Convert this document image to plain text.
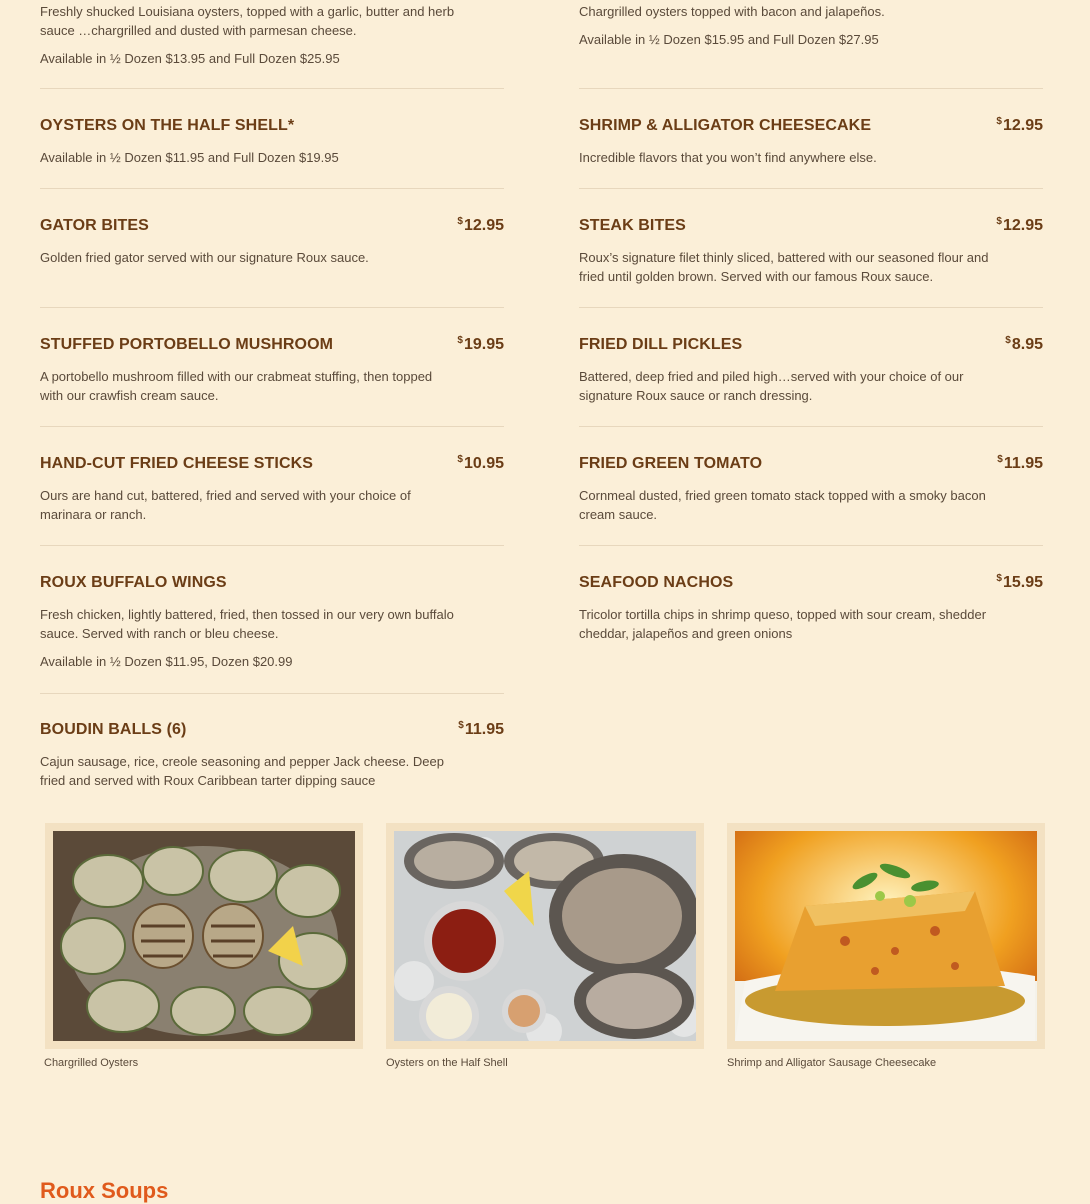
Freshly shucked Louisiana oysters, topped with a garlic, butter and herb sauce …chargrilled and dusted with parmesan cheese.
Available in ½ Dozen $13.95 and Full Dozen $25.95
OYSTERS ON THE HALF SHELL*
Available in ½ Dozen $11.95 and Full Dozen $19.95
GATOR BITES	$12.95
Golden fried gator served with our signature Roux sauce.
STUFFED PORTOBELLO MUSHROOM	$19.95
A portobello mushroom filled with our crabmeat stuffing, then topped with our crawfish cream sauce.
HAND-CUT FRIED CHEESE STICKS	$10.95
Ours are hand cut, battered, fried and served with your choice of marinara or ranch.
ROUX BUFFALO WINGS
Fresh chicken, lightly battered, fried, then tossed in our very own buffalo sauce. Served with ranch or bleu cheese.
Available in ½ Dozen $11.95, Dozen $20.99
BOUDIN BALLS (6)	$11.95
Cajun sausage, rice, creole seasoning and pepper Jack cheese. Deep fried and served with Roux Caribbean tarter dipping sauce
Chargrilled oysters topped with bacon and jalapeños.
Available in ½ Dozen $15.95 and Full Dozen $27.95
SHRIMP & ALLIGATOR CHEESECAKE	$12.95
Incredible flavors that you won’t find anywhere else.
STEAK BITES	$12.95
Roux’s signature filet thinly sliced, battered with our seasoned flour and fried until golden brown. Served with our famous Roux sauce.
FRIED DILL PICKLES	$8.95
Battered, deep fried and piled high…served with your choice of our signature Roux sauce or ranch dressing.
FRIED GREEN TOMATO	$11.95
Cornmeal dusted, fried green tomato stack topped with a smoky bacon cream sauce.
SEAFOOD NACHOS	$15.95
Tricolor tortilla chips in shrimp queso, topped with sour cream, shedder cheddar, jalapeños and green onions
Chargrilled Oysters	Oysters on the Half Shell	Shrimp and Alligator Sausage Cheesecake
Roux Soups
